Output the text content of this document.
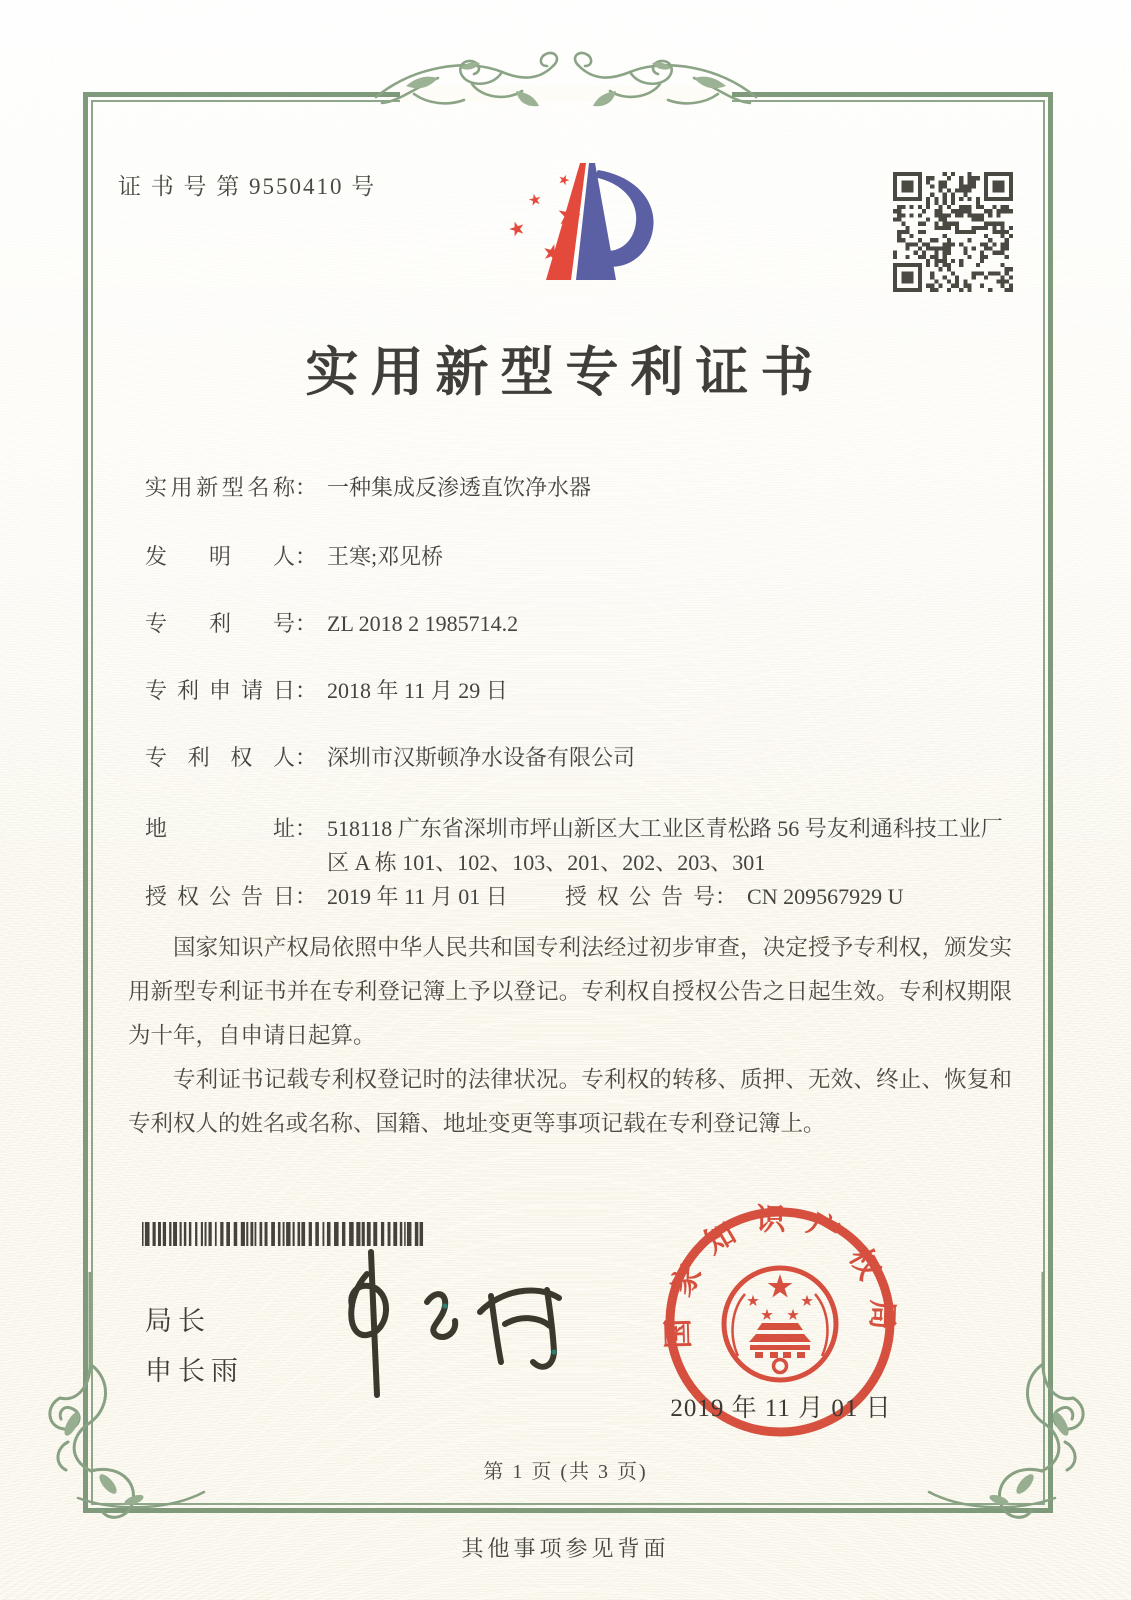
证 书 号 第 9550410 号
实用新型专利证书
实用新型名称 ： 一种集成反渗透直饮净水器
发明人 ： 王寒;邓见桥
专利号 ： ZL 2018 2 1985714.2
专利申请日 ： 2018 年 11 月 29 日
专利权人 ： 深圳市汉斯顿净水设备有限公司
地址 ： 518118 广东省深圳市坪山新区大工业区青松路 56 号友利通科技工业厂区 A 栋 101、102、103、201、202、203、301
授权公告日 ： 2019 年 11 月 01 日	授权公告号 ： CN 209567929 U

国家知识产权局依照中华人民共和国专利法经过初步审查，决定授予专利权，颁发实用新型专利证书并在专利登记簿上予以登记。专利权自授权公告之日起生效。专利权期限为十年，自申请日起算。

专利证书记载专利权登记时的法律状况。专利权的转移、质押、无效、终止、恢复和专利权人的姓名或名称、国籍、地址变更等事项记载在专利登记簿上。

局长
申长雨
国家知识产权局
2019 年 11 月 01 日
第 1 页 (共 3 页)
其他事项参见背面
